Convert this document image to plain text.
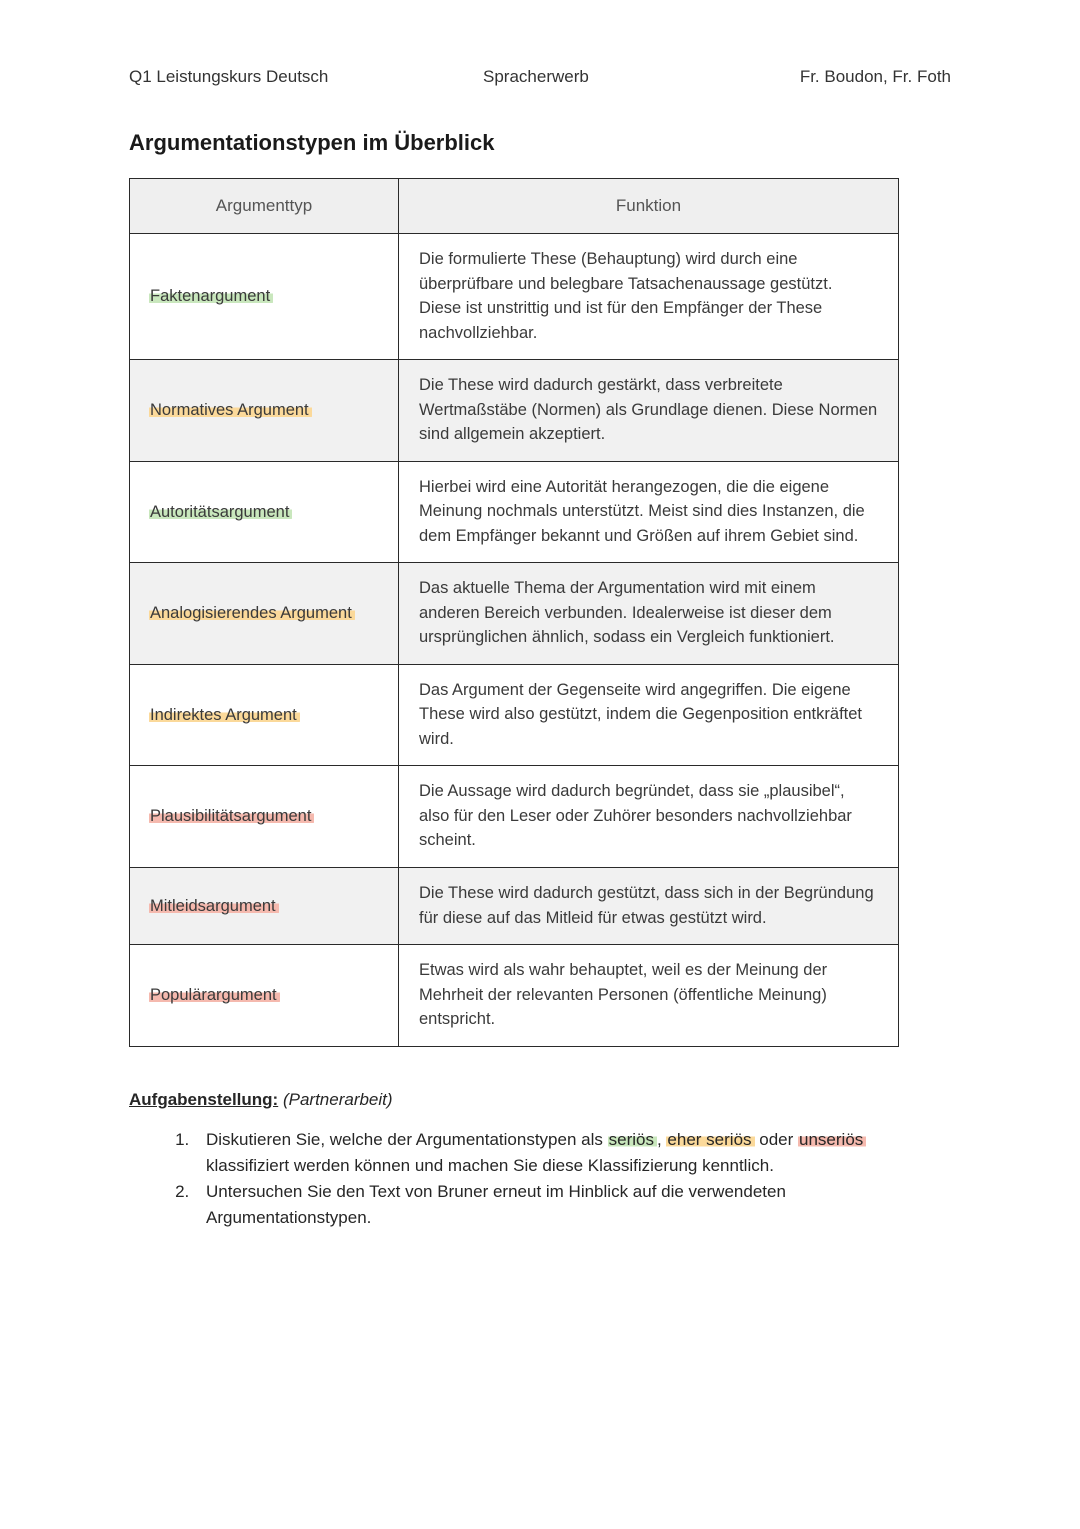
Q1 Leistungskurs Deutsch	Spracherwerb	Fr. Boudon, Fr. Foth
Argumentationstypen im Überblick
Argumenttyp	Funktion
Faktenargument	Die formulierte These (Behauptung) wird durch eine überprüfbare und belegbare Tatsachenaussage gestützt. Diese ist unstrittig und ist für den Empfänger der These nachvollziehbar.
Normatives Argument	Die These wird dadurch gestärkt, dass verbreitete Wertmaßstäbe (Normen) als Grundlage dienen. Diese Normen sind allgemein akzeptiert.
Autoritätsargument	Hierbei wird eine Autorität herangezogen, die die eigene Meinung nochmals unterstützt. Meist sind dies Instanzen, die dem Empfänger bekannt und Größen auf ihrem Gebiet sind.
Analogisierendes Argument	Das aktuelle Thema der Argumentation wird mit einem anderen Bereich verbunden. Idealerweise ist dieser dem ursprünglichen ähnlich, sodass ein Vergleich funktioniert.
Indirektes Argument	Das Argument der Gegenseite wird angegriffen. Die eigene These wird also gestützt, indem die Gegenposition entkräftet wird.
Plausibilitätsargument	Die Aussage wird dadurch begründet, dass sie „plausibel“, also für den Leser oder Zuhörer besonders nachvollziehbar scheint.
Mitleidsargument	Die These wird dadurch gestützt, dass sich in der Begründung für diese auf das Mitleid für etwas gestützt wird.
Populärargument	Etwas wird als wahr behauptet, weil es der Meinung der Mehrheit der relevanten Personen (öffentliche Meinung) entspricht.

Aufgabenstellung: (Partnerarbeit)

1. Diskutieren Sie, welche der Argumentationstypen als seriös , eher seriös oder unseriös klassifiziert werden können und machen Sie diese Klassifizierung kenntlich.
2. Untersuchen Sie den Text von Bruner erneut im Hinblick auf die verwendeten Argumentationstypen.
